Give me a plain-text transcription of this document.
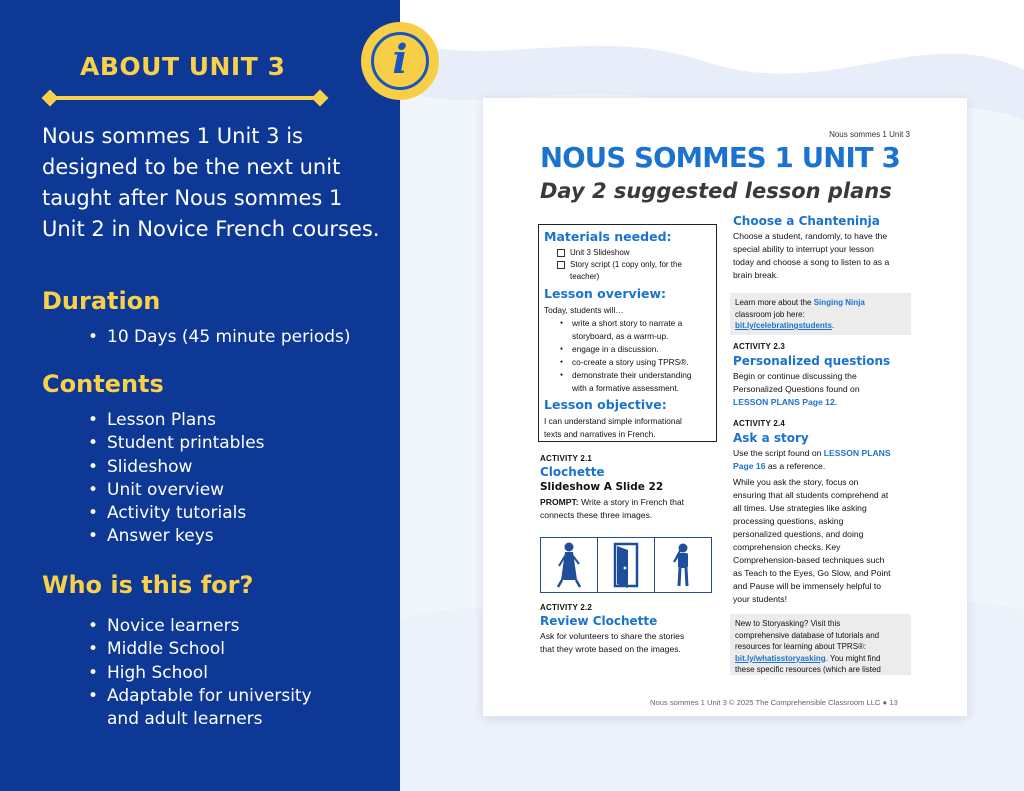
ABOUT UNIT 3

Nous sommes 1 Unit 3 is designed to be the next unit taught after Nous sommes 1 Unit 2 in Novice French courses.

Duration
• 10 Days (45 minute periods)
Contents
• Lesson Plans
• Student printables
• Slideshow
• Unit overview
• Activity tutorials
• Answer keys
Who is this for?
• Novice learners
• Middle School
• High School
• Adaptable for university
and adult learners
i
Nous sommes 1 Unit 3
NOUS SOMMES 1 UNIT 3
Day 2 suggested lesson plans
Materials needed:
Unit 3 Slideshow
Story script (1 copy only, for the
teacher)
Lesson overview:
Today, students will…
● write a short story to narrate a
storyboard, as a warm-up.
● engage in a discussion.
● co-create a story using TPRS®.
● demonstrate their understanding
with a formative assessment.
Lesson objective:
I can understand simple informational
texts and narratives in French.
ACTIVITY 2.1
Clochette
Slideshow A Slide 22
PROMPT: Write a story in French that
connects these three images.
ACTIVITY 2.2
Review Clochette
Ask for volunteers to share the stories
that they wrote based on the images.
Choose a Chanteninja
Choose a student, randomly, to have the
special ability to interrupt your lesson
today and choose a song to listen to as a
brain break.
Learn more about the Singing Ninja
classroom job here:
bit.ly/celebratingstudents.
ACTIVITY 2.3
Personalized questions
Begin or continue discussing the
Personalized Questions found on
LESSON PLANS Page 12.
ACTIVITY 2.4
Ask a story
Use the script found on LESSON PLANS
Page 16 as a reference.
While you ask the story, focus on
ensuring that all students comprehend at
all times. Use strategies like asking
processing questions, asking
personalized questions, and doing
comprehension checks. Key
Comprehension-based techniques such
as Teach to the Eyes, Go Slow, and Point
and Pause will be immensely helpful to
your students!
New to Storyasking? Visit this
comprehensive database of tutorials and
resources for learning about TPRS®:
bit.ly/whatisstoryasking. You might find
these specific resources (which are listed
Nous sommes 1 Unit 3 © 2025 The Comprehensible Classroom LLC ● 13
